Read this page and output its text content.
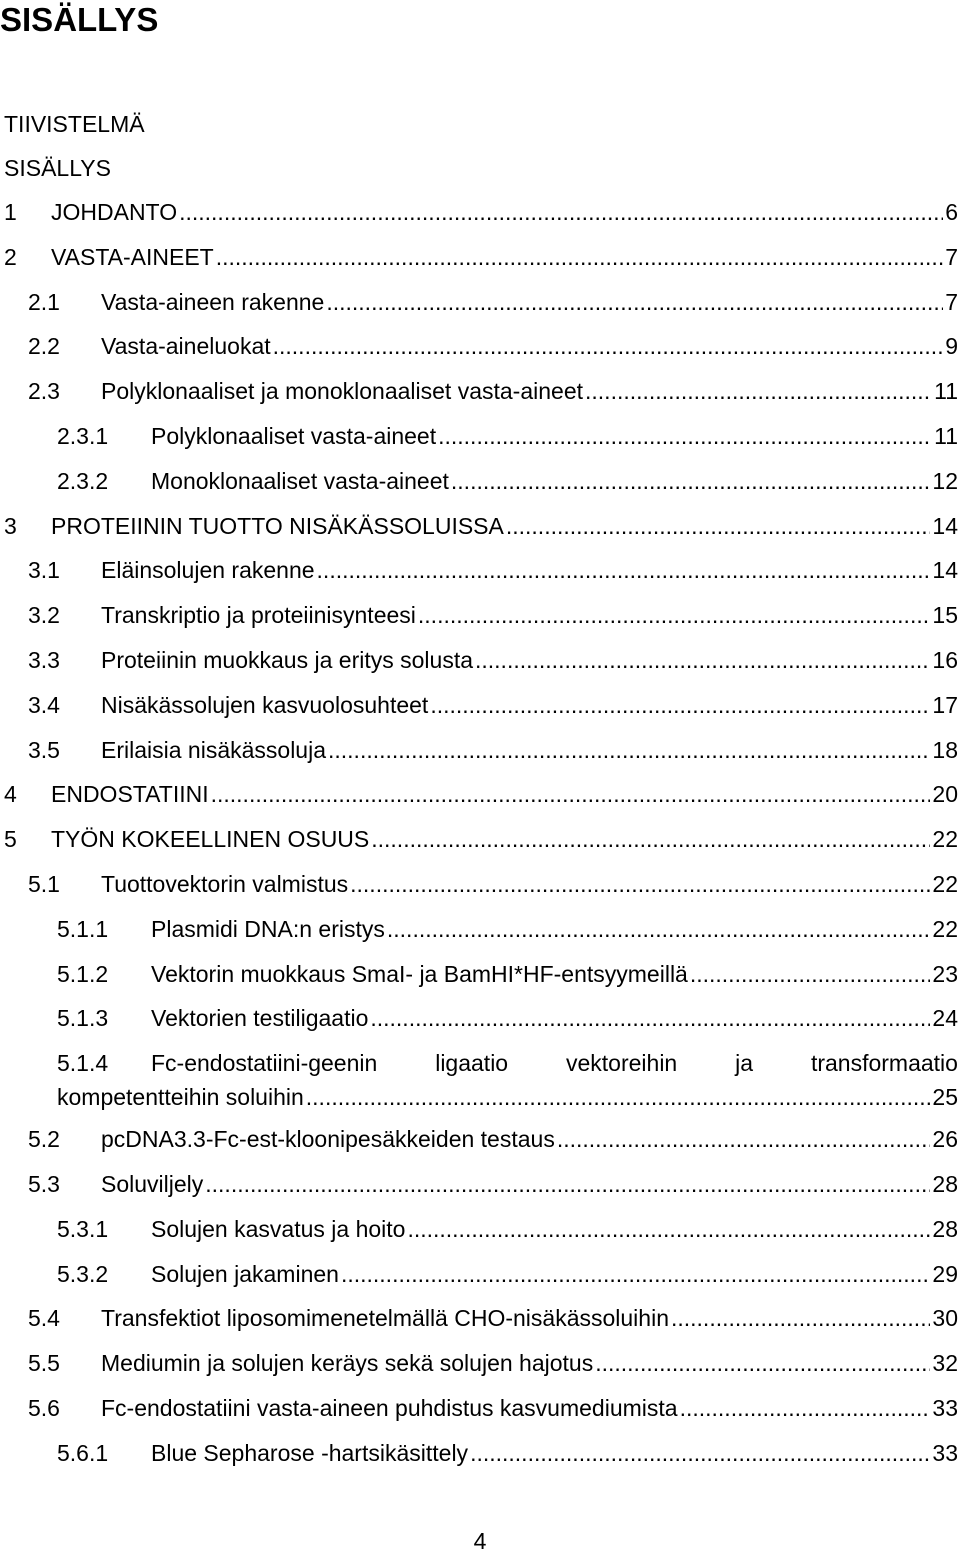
SISÄLLYS
TIIVISTELMÄ
SISÄLLYS
1 JOHDANTO .....	6
2 VASTA-AINEET .....	7
2.1 Vasta-aineen rakenne .....	7
2.2 Vasta-aineluokat .....	9
2.3 Polyklonaaliset ja monoklonaaliset vasta-aineet .....	11
2.3.1 Polyklonaaliset vasta-aineet .....	11
2.3.2 Monoklonaaliset vasta-aineet .....	12
3 PROTEIININ TUOTTO NISÄKÄSSOLUISSA .....	14
3.1 Eläinsolujen rakenne .....	14
3.2 Transkriptio ja proteiinisynteesi .....	15
3.3 Proteiinin muokkaus ja eritys solusta .....	16
3.4 Nisäkässolujen kasvuolosuhteet .....	17
3.5 Erilaisia nisäkässoluja .....	18
4 ENDOSTATIINI .....	20
5 TYÖN KOKEELLINEN OSUUS .....	22
5.1 Tuottovektorin valmistus .....	22
5.1.1 Plasmidi DNA:n eristys .....	22
5.1.2 Vektorin muokkaus SmaI- ja BamHI*HF-entsyymeillä .....	23
5.1.3 Vektorien testiligaatio .....	24
5.1.4 Fc-endostatiini-geenin	ligaatio	vektoreihin	ja	transformaatio
kompetentteihin soluihin .....	25
5.2 pcDNA3.3-Fc-est-kloonipesäkkeiden testaus .....	26
5.3 Soluviljely .....	28
5.3.1 Solujen kasvatus ja hoito .....	28
5.3.2 Solujen jakaminen .....	29
5.4 Transfektiot liposomimenetelmällä CHO-nisäkässoluihin .....	30
5.5 Mediumin ja solujen keräys sekä solujen hajotus .....	32
5.6 Fc-endostatiini vasta-aineen puhdistus kasvumediumista .....	33
5.6.1 Blue Sepharose -hartsikäsittely .....	33
4
